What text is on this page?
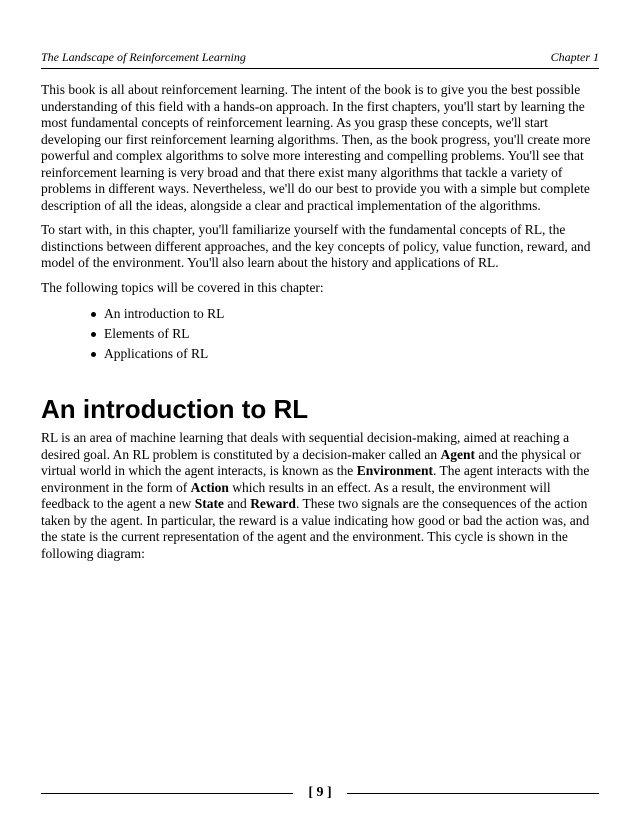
The Landscape of Reinforcement Learning	Chapter 1

This book is all about reinforcement learning. The intent of the book is to give you the best possible understanding of this field with a hands-on approach. In the first chapters, you'll start by learning the most fundamental concepts of reinforcement learning. As you grasp these concepts, we'll start developing our first reinforcement learning algorithms. Then, as the book progress, you'll create more powerful and complex algorithms to solve more interesting and compelling problems. You'll see that reinforcement learning is very broad and that there exist many algorithms that tackle a variety of problems in different ways. Nevertheless, we'll do our best to provide you with a simple but complete description of all the ideas, alongside a clear and practical implementation of the algorithms.

To start with, in this chapter, you'll familiarize yourself with the fundamental concepts of RL, the distinctions between different approaches, and the key concepts of policy, value function, reward, and model of the environment. You'll also learn about the history and applications of RL.

The following topics will be covered in this chapter:

An introduction to RL
Elements of RL
Applications of RL
An introduction to RL

RL is an area of machine learning that deals with sequential decision-making, aimed at reaching a desired goal. An RL problem is constituted by a decision-maker called an Agent and the physical or virtual world in which the agent interacts, is known as the Environment. The agent interacts with the environment in the form of Action which results in an effect. As a result, the environment will feedback to the agent a new State and Reward. These two signals are the consequences of the action taken by the agent. In particular, the reward is a value indicating how good or bad the action was, and the state is the current representation of the agent and the environment. This cycle is shown in the following diagram:

[ 9 ]
